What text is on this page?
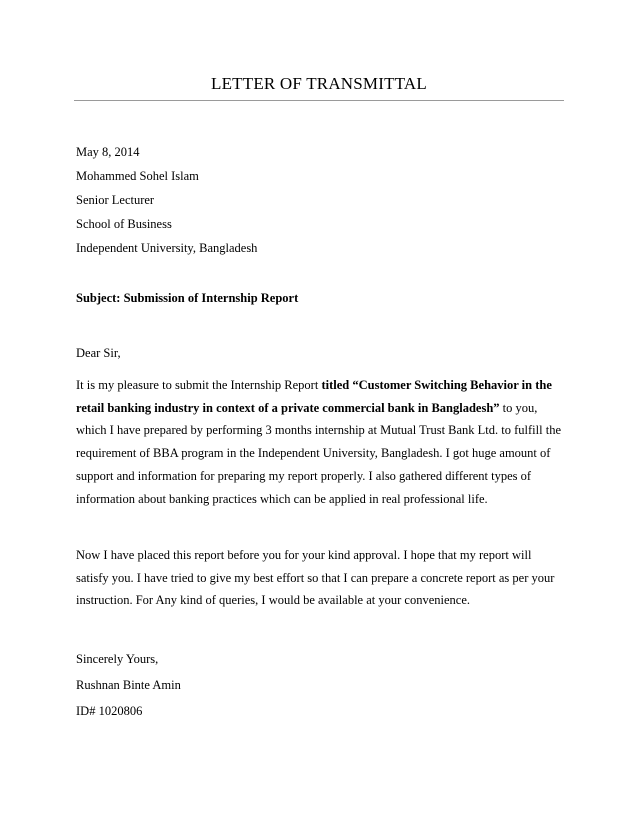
LETTER OF TRANSMITTAL
May 8, 2014
Mohammed Sohel Islam
Senior Lecturer
School of Business
Independent University, Bangladesh
Subject: Submission of Internship Report
Dear Sir,
It is my pleasure to submit the Internship Report titled “Customer Switching Behavior in the retail banking industry in context of a private commercial bank in Bangladesh” to you, which I have prepared by performing 3 months internship at Mutual Trust Bank Ltd. to fulfill the requirement of BBA program in the Independent University, Bangladesh. I got huge amount of support and information for preparing my report properly. I also gathered different types of information about banking practices which can be applied in real professional life.
Now I have placed this report before you for your kind approval. I hope that my report will satisfy you. I have tried to give my best effort so that I can prepare a concrete report as per your instruction. For Any kind of queries, I would be available at your convenience.
Sincerely Yours,
Rushnan Binte Amin
ID# 1020806
